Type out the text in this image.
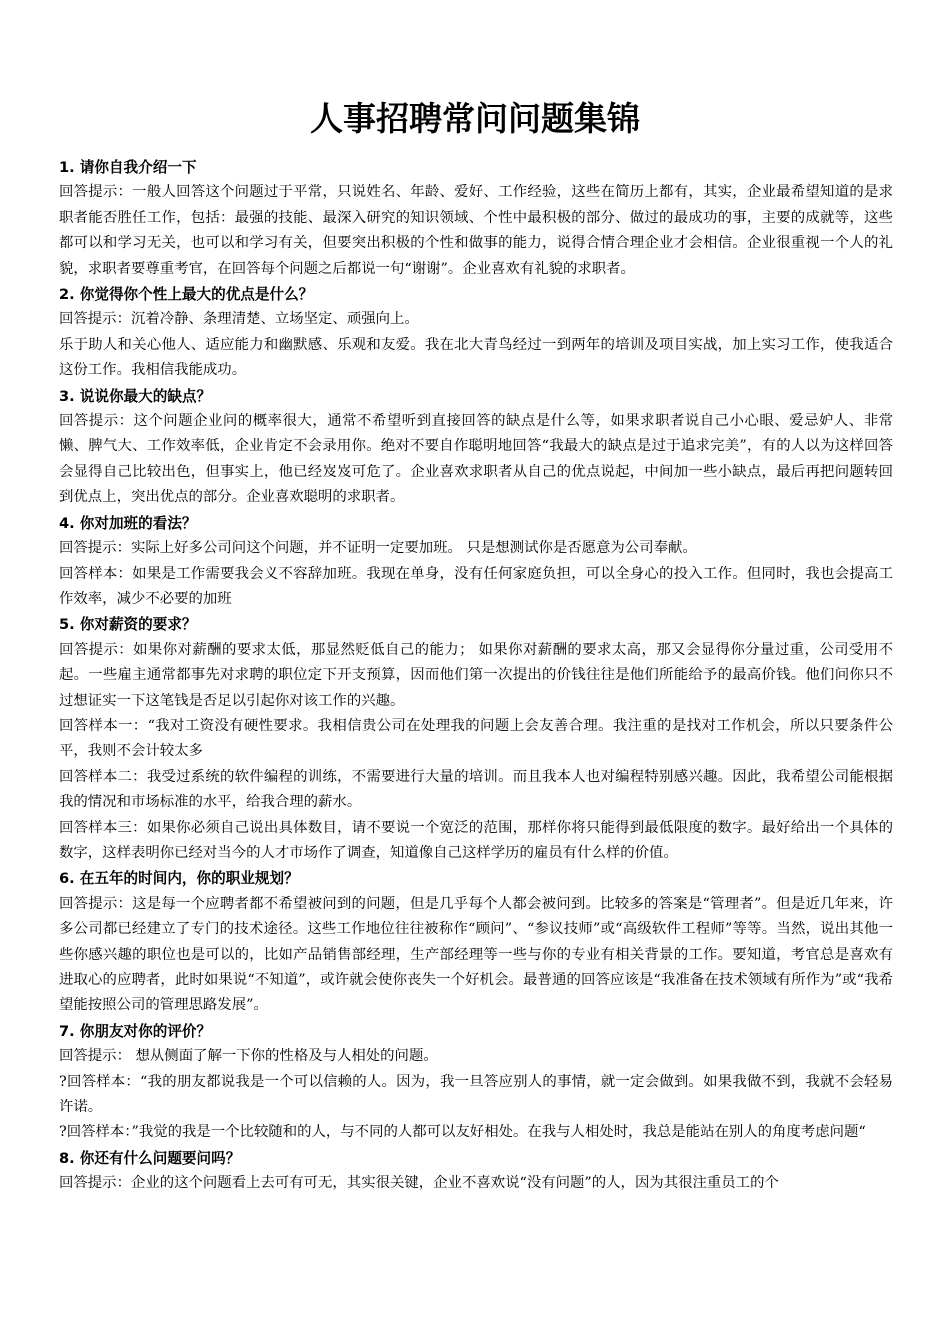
人事招聘常问问题集锦

1. 请你自我介绍一下

回答提示：一般人回答这个问题过于平常，只说姓名、年龄、爱好、工作经验，这些在简历上都有，其实，企业最希望知道的是求职者能否胜任工作，包括：最强的技能、最深入研究的知识领域、个性中最积极的部分、做过的最成功的事，主要的成就等，这些都可以和学习无关，也可以和学习有关，但要突出积极的个性和做事的能力，说得合情合理企业才会相信。企业很重视一个人的礼貌，求职者要尊重考官，在回答每个问题之后都说一句“谢谢”。企业喜欢有礼貌的求职者。

2. 你觉得你个性上最大的优点是什么？

回答提示：沉着冷静、条理清楚、立场坚定、顽强向上。

乐于助人和关心他人、适应能力和幽默感、乐观和友爱。我在北大青鸟经过一到两年的培训及项目实战，加上实习工作，使我适合这份工作。我相信我能成功。

3. 说说你最大的缺点？

回答提示：这个问题企业问的概率很大，通常不希望听到直接回答的缺点是什么等，如果求职者说自己小心眼、爱忌妒人、非常懒、脾气大、工作效率低，企业肯定不会录用你。绝对不要自作聪明地回答“我最大的缺点是过于追求完美”，有的人以为这样回答会显得自己比较出色，但事实上，他已经岌岌可危了。企业喜欢求职者从自己的优点说起，中间加一些小缺点，最后再把问题转回到优点上，突出优点的部分。企业喜欢聪明的求职者。

4. 你对加班的看法？

回答提示：实际上好多公司问这个问题，并不证明一定要加班。 只是想测试你是否愿意为公司奉献。

回答样本：如果是工作需要我会义不容辞加班。我现在单身，没有任何家庭负担，可以全身心的投入工作。但同时，我也会提高工作效率，减少不必要的加班

5. 你对薪资的要求？

回答提示：如果你对薪酬的要求太低，那显然贬低自己的能力； 如果你对薪酬的要求太高，那又会显得你分量过重，公司受用不起。一些雇主通常都事先对求聘的职位定下开支预算，因而他们第一次提出的价钱往往是他们所能给予的最高价钱。他们问你只不过想证实一下这笔钱是否足以引起你对该工作的兴趣。

回答样本一：“我对工资没有硬性要求。我相信贵公司在处理我的问题上会友善合理。我注重的是找对工作机会，所以只要条件公平，我则不会计较太多

回答样本二：我受过系统的软件编程的训练，不需要进行大量的培训。而且我本人也对编程特别感兴趣。因此，我希望公司能根据我的情况和市场标准的水平，给我合理的薪水。

回答样本三：如果你必须自己说出具体数目，请不要说一个宽泛的范围，那样你将只能得到最低限度的数字。最好给出一个具体的数字，这样表明你已经对当今的人才市场作了调查，知道像自己这样学历的雇员有什么样的价值。

6. 在五年的时间内，你的职业规划？

回答提示：这是每一个应聘者都不希望被问到的问题，但是几乎每个人都会被问到。比较多的答案是“管理者”。但是近几年来，许多公司都已经建立了专门的技术途径。这些工作地位往往被称作“顾问”、“参议技师”或“高级软件工程师”等等。当然，说出其他一些你感兴趣的职位也是可以的，比如产品销售部经理，生产部经理等一些与你的专业有相关背景的工作。要知道，考官总是喜欢有进取心的应聘者，此时如果说“不知道”，或许就会使你丧失一个好机会。最普通的回答应该是“我准备在技术领域有所作为”或“我希望能按照公司的管理思路发展”。

7. 你朋友对你的评价？

回答提示： 想从侧面了解一下你的性格及与人相处的问题。

?回答样本：“我的朋友都说我是一个可以信赖的人。因为，我一旦答应别人的事情，就一定会做到。如果我做不到，我就不会轻易许诺。

?回答样本：”我觉的我是一个比较随和的人，与不同的人都可以友好相处。在我与人相处时，我总是能站在别人的角度考虑问题“

8. 你还有什么问题要问吗？

回答提示：企业的这个问题看上去可有可无，其实很关键，企业不喜欢说“没有问题”的人，因为其很注重员工的个
